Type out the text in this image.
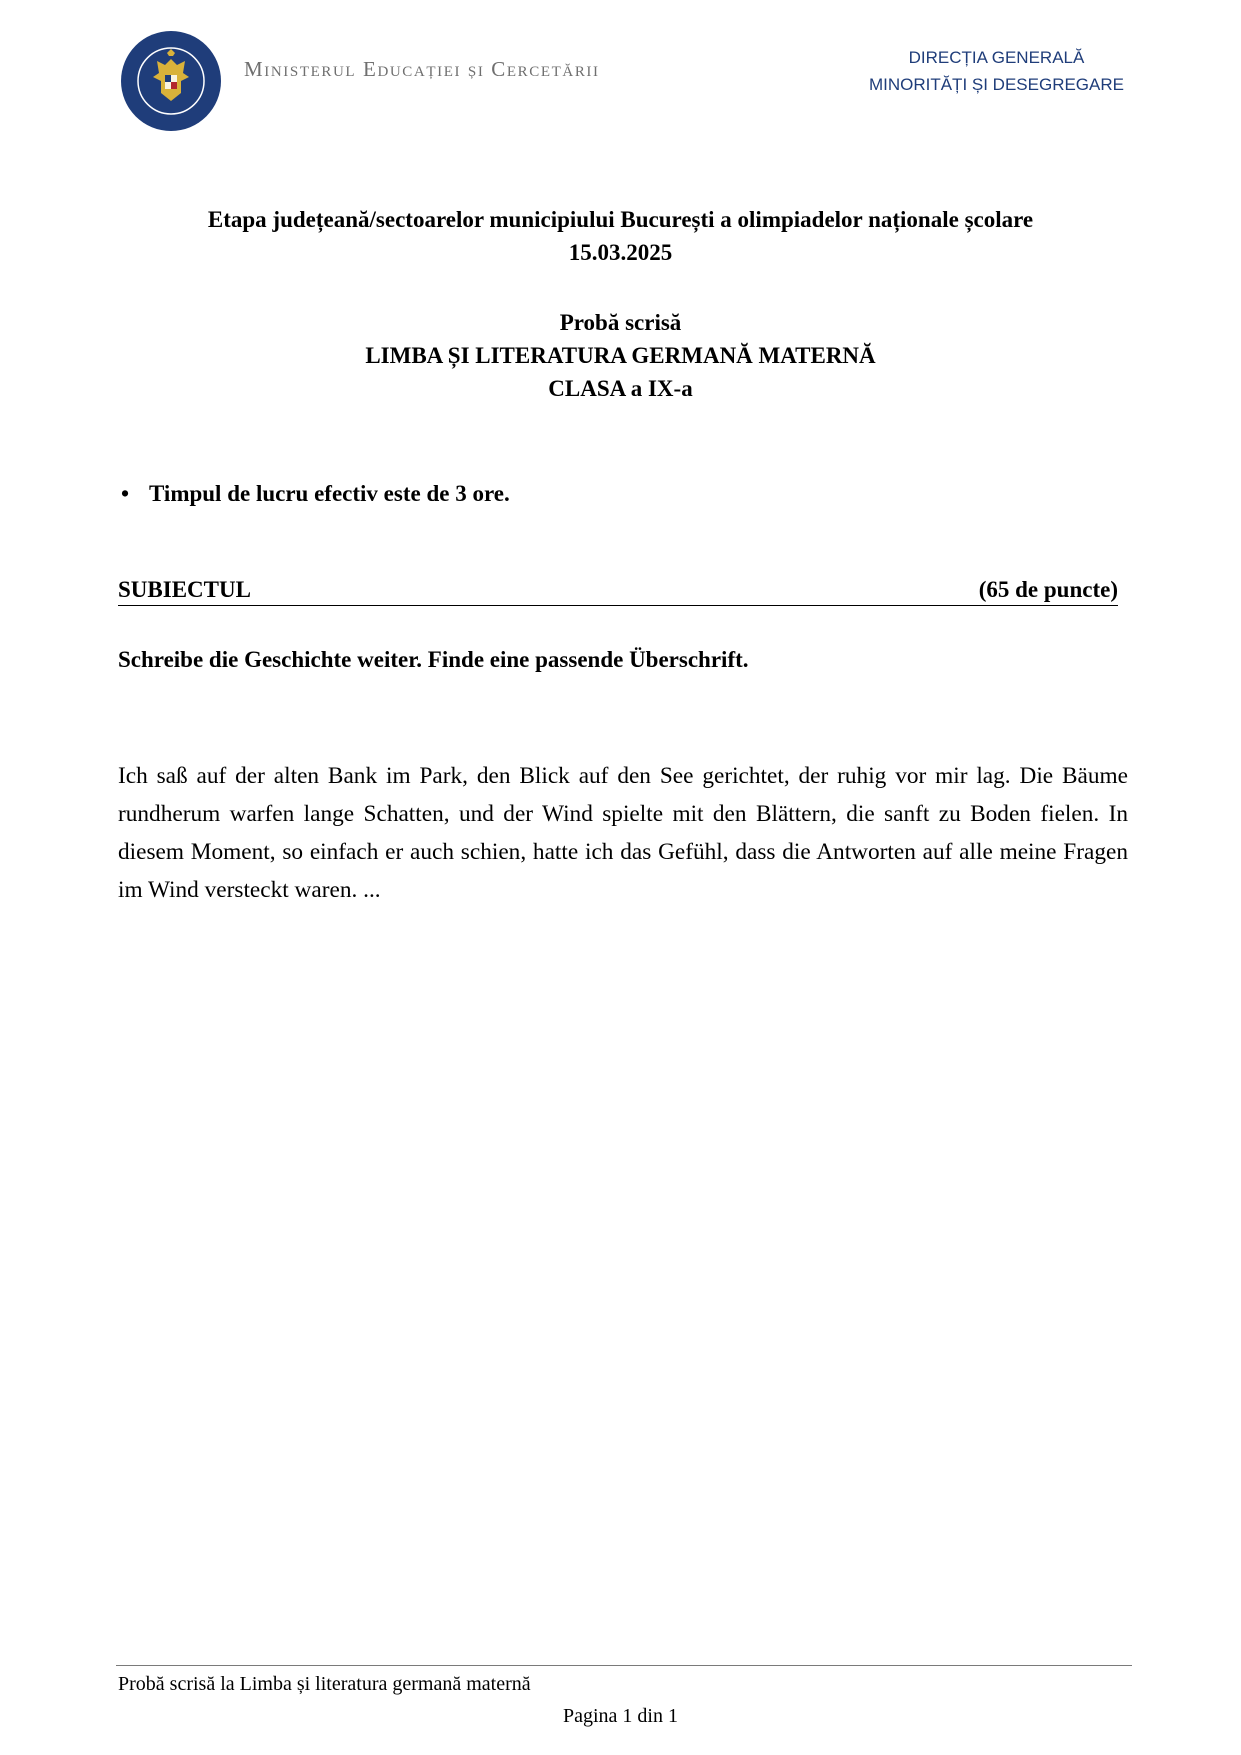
Ministerul Educației și Cercetării	DIRECȚIA GENERALĂ
MINORITĂȚI ȘI DESEGREGARE
Etapa județeană/sectoarelor municipiului București a olimpiadelor naționale școlare
15.03.2025
Probă scrisă
LIMBA ȘI LITERATURA GERMANĂ MATERNĂ
CLASA a IX-a
• Timpul de lucru efectiv este de 3 ore.
SUBIECTUL	(65 de puncte)
Schreibe die Geschichte weiter. Finde eine passende Überschrift.
Ich saß auf der alten Bank im Park, den Blick auf den See gerichtet, der ruhig vor mir lag. Die Bäume rundherum warfen lange Schatten, und der Wind spielte mit den Blättern, die sanft zu Boden fielen. In diesem Moment, so einfach er auch schien, hatte ich das Gefühl, dass die Antworten auf alle meine Fragen im Wind versteckt waren. ...
Probă scrisă la Limba și literatura germană maternă
Pagina 1 din 1
